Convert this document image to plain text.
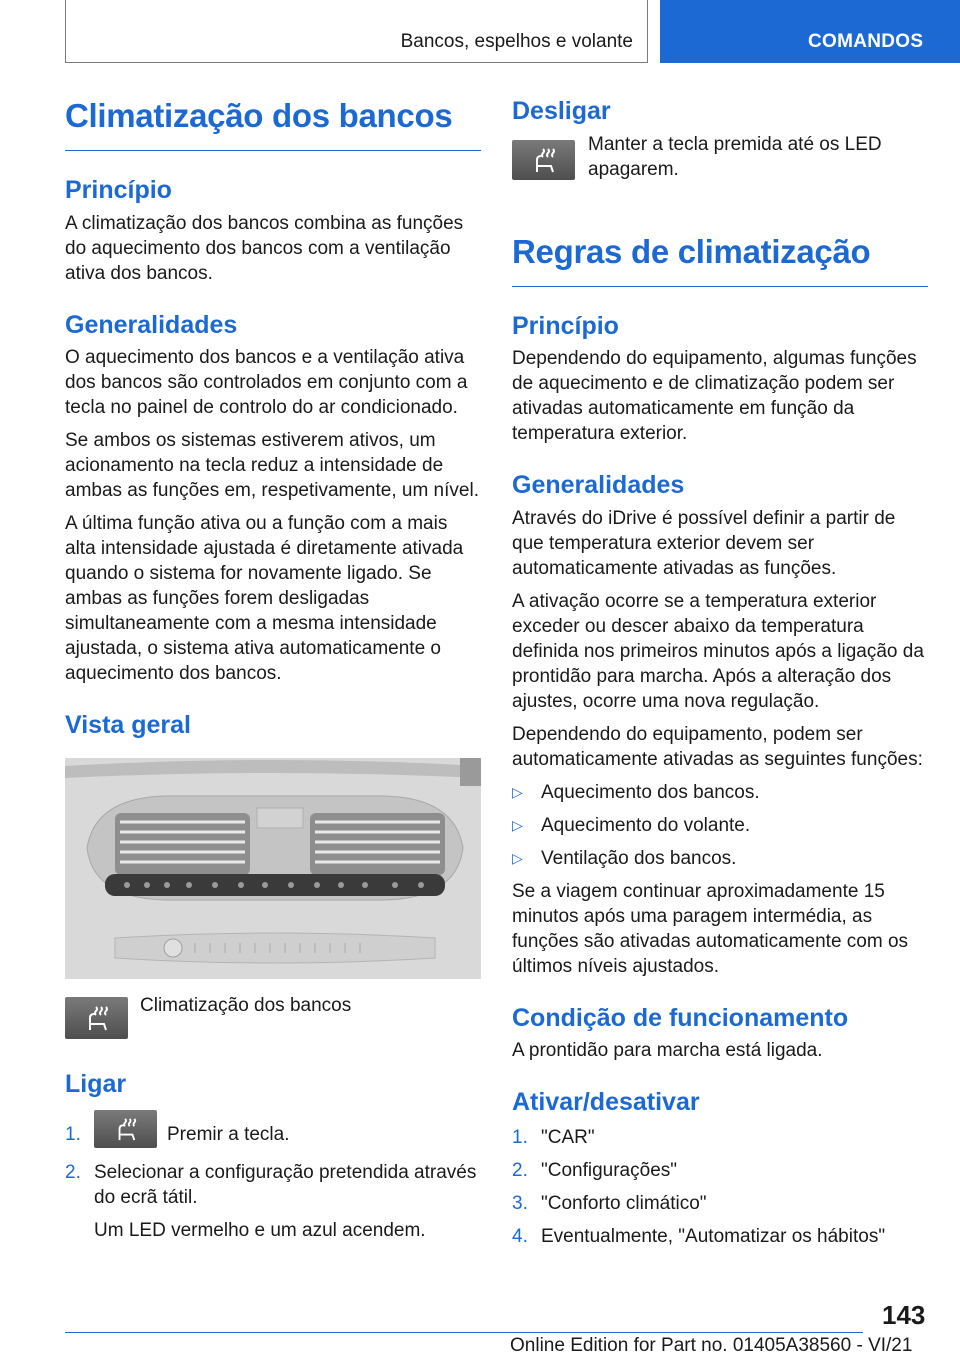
Bancos, espelhos e volante	COMANDOS
Climatização dos bancos
Princípio

A climatização dos bancos combina as funções do aquecimento dos bancos com a ventilação ativa dos bancos.

Generalidades

O aquecimento dos bancos e a ventilação ativa dos bancos são controlados em conjunto com a tecla no painel de controlo do ar condicionado.

Se ambos os sistemas estiverem ativos, um acionamento na tecla reduz a intensidade de ambas as funções em, respetivamente, um nível.

A última função ativa ou a função com a mais alta intensidade ajustada é diretamente ativada quando o sistema for novamente ligado. Se ambas as funções forem desligadas simultaneamente com a mesma intensidade ajustada, o sistema ativa automaticamente o aquecimento dos bancos.

Vista geral

Climatização dos bancos

Ligar
1.	Premir a tecla.
2. Selecionar a configuração pretendida através do ecrã tátil.

Um LED vermelho e um azul acendem.

Desligar

Manter a tecla premida até os LED apagarem.

Regras de climatização
Princípio

Dependendo do equipamento, algumas funções de aquecimento e de climatização podem ser ativadas automaticamente em função da temperatura exterior.

Generalidades

Através do iDrive é possível definir a partir de que temperatura exterior devem ser automaticamente ativadas as funções.

A ativação ocorre se a temperatura exterior exceder ou descer abaixo da temperatura definida nos primeiros minutos após a ligação da prontidão para marcha. Após a alteração dos ajustes, ocorre uma nova regulação.

Dependendo do equipamento, podem ser automaticamente ativadas as seguintes funções:

▷ Aquecimento dos bancos.
▷ Aquecimento do volante.
▷ Ventilação dos bancos.

Se a viagem continuar aproximadamente 15 minutos após uma paragem intermédia, as funções são ativadas automaticamente com os últimos níveis ajustados.

Condição de funcionamento

A prontidão para marcha está ligada.

Ativar/desativar
1. "CAR"
2. "Configurações"
3. "Conforto climático"
4. Eventualmente, "Automatizar os hábitos"
143
Online Edition for Part no. 01405A38560 - VI/21
